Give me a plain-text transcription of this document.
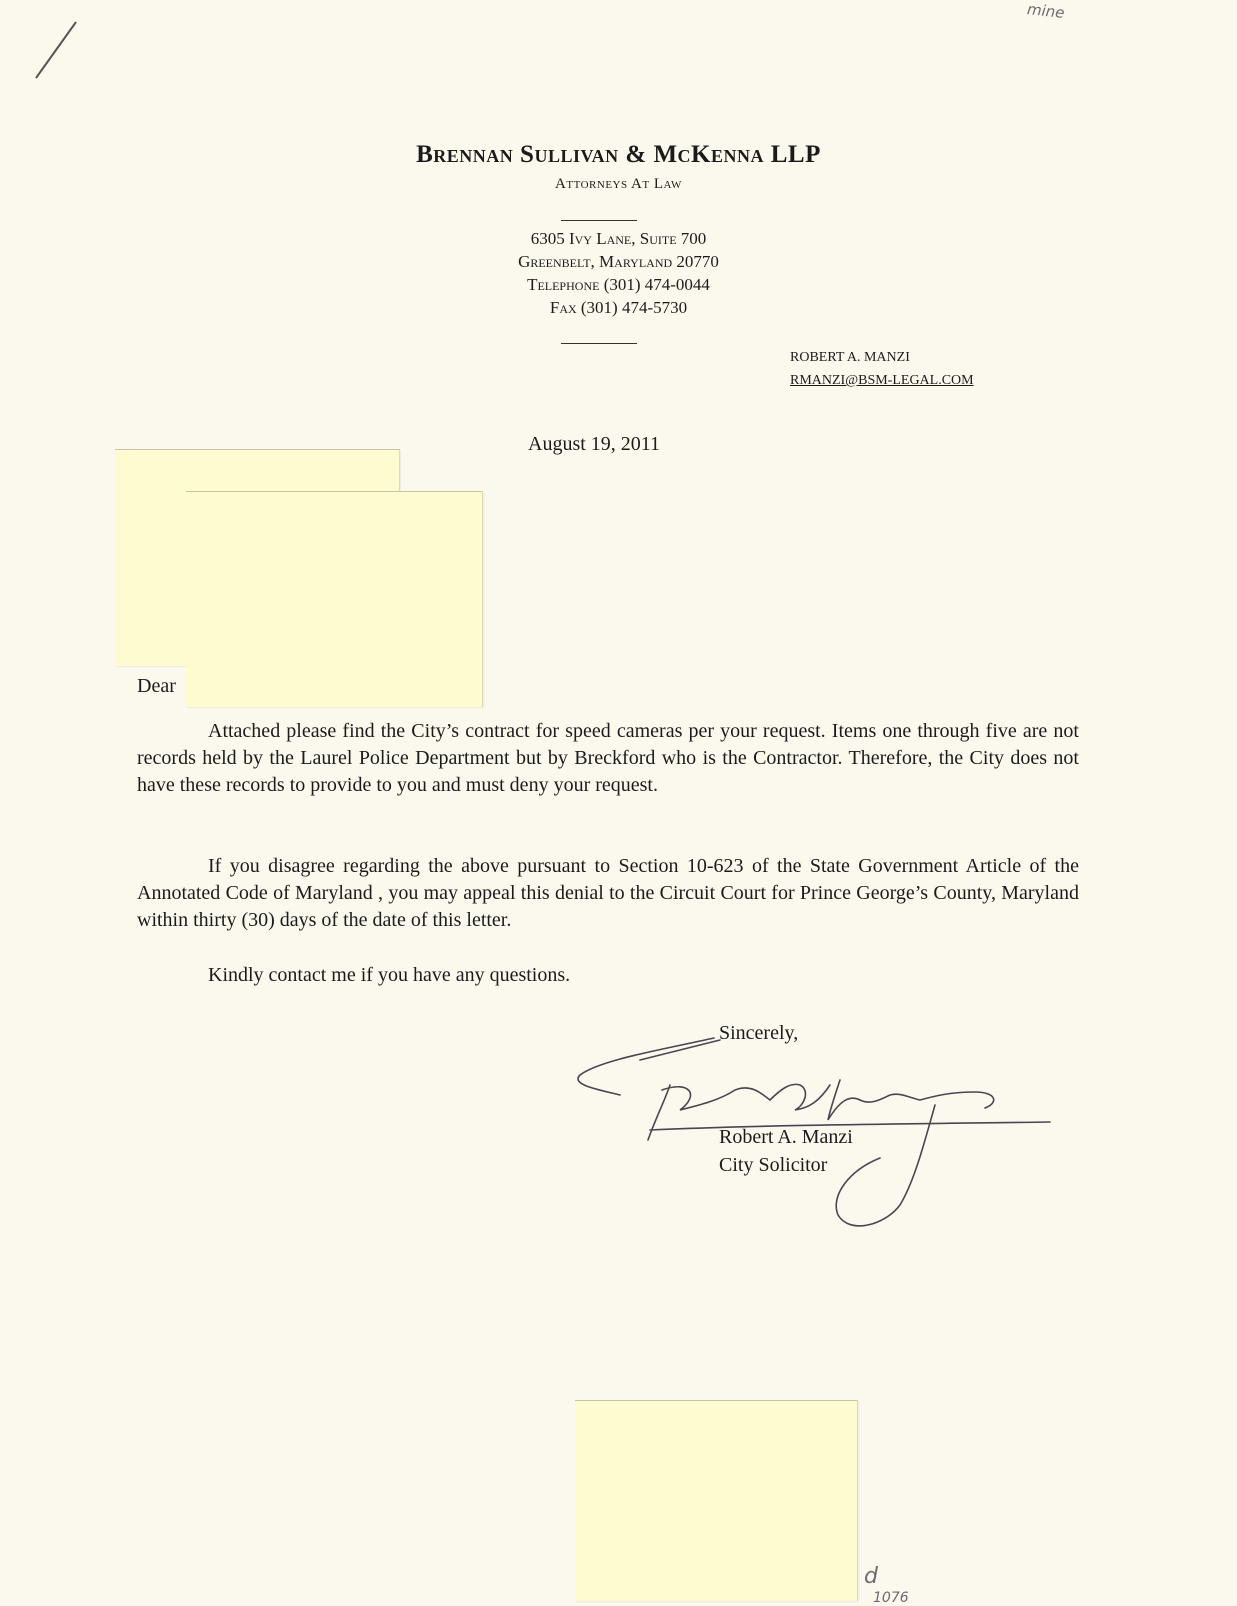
mine
Brennan Sullivan & McKenna LLP
Attorneys At Law
6305 Ivy Lane, Suite 700
Greenbelt, Maryland 20770
Telephone (301) 474-0044
Fax (301) 474-5730
ROBERT A. MANZI
RMANZI@BSM-LEGAL.COM
August 19, 2011
Dear

Attached please find the City’s contract for speed cameras per your request. Items one through five are not records held by the Laurel Police Department but by Breckford who is the Contractor. Therefore, the City does not have these records to provide to you and must deny your request.

If you disagree regarding the above pursuant to Section 10-623 of the State Government Article of the Annotated Code of Maryland , you may appeal this denial to the Circuit Court for Prince George’s County, Maryland within thirty (30) days of the date of this letter.

Kindly contact me if you have any questions.

Sincerely,
Robert A. Manzi
City Solicitor
d
1076
